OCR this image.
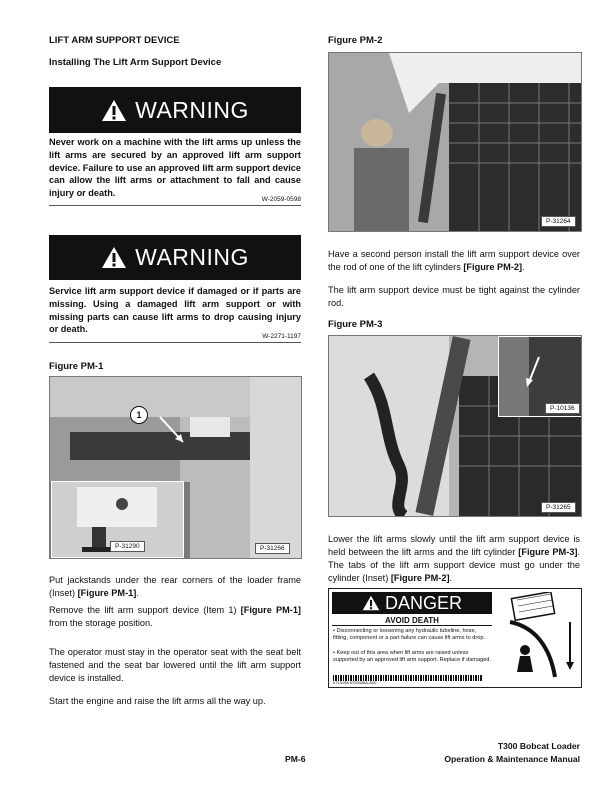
LIFT ARM SUPPORT DEVICE
Installing The Lift Arm Support Device
WARNING
Never work on a machine with the lift arms up unless the lift arms are secured by an approved lift arm support device. Failure to use an approved lift arm support device can allow the lift arms or attachment to fall and cause injury or death.
W-2059-0598
WARNING
Service lift arm support device if damaged or if parts are missing. Using a damaged lift arm support or with missing parts can cause lift arms to drop causing injury or death.
W-2271-1197
Figure PM-1
1
P-31290	P-31266
Put jackstands under the rear corners of the loader frame (Inset) [Figure PM-1].
Remove the lift arm support device (Item 1) [Figure PM-1] from the storage position.
The operator must stay in the operator seat with the seat belt fastened and the seat bar lowered until the lift arm support device is installed.
Start the engine and raise the lift arms all the way up.
Figure PM-2
P-31264
Have a second person install the lift arm support device over the rod of one of the lift cylinders [Figure PM-2].
The lift arm support device must be tight against the cylinder rod.
Figure PM-3
P-10136
P-31265
Lower the lift arms slowly until the lift arm support device is held between the lift arms and the lift cylinder [Figure PM-3]. The tabs of the lift arm support device must go under the cylinder (Inset) [Figure PM-2].
DANGER
AVOID DEATH
• Disconnecting or loosening any hydraulic tubeline, hose, fitting, component or a part failure can cause lift arms to drop.
• Keep out of this area when lift arms are raised unless supported by an approved lift arm support. Replace if damaged.
6714198 6709438A-A00
PM-6
T300 Bobcat Loader
Operation & Maintenance Manual
